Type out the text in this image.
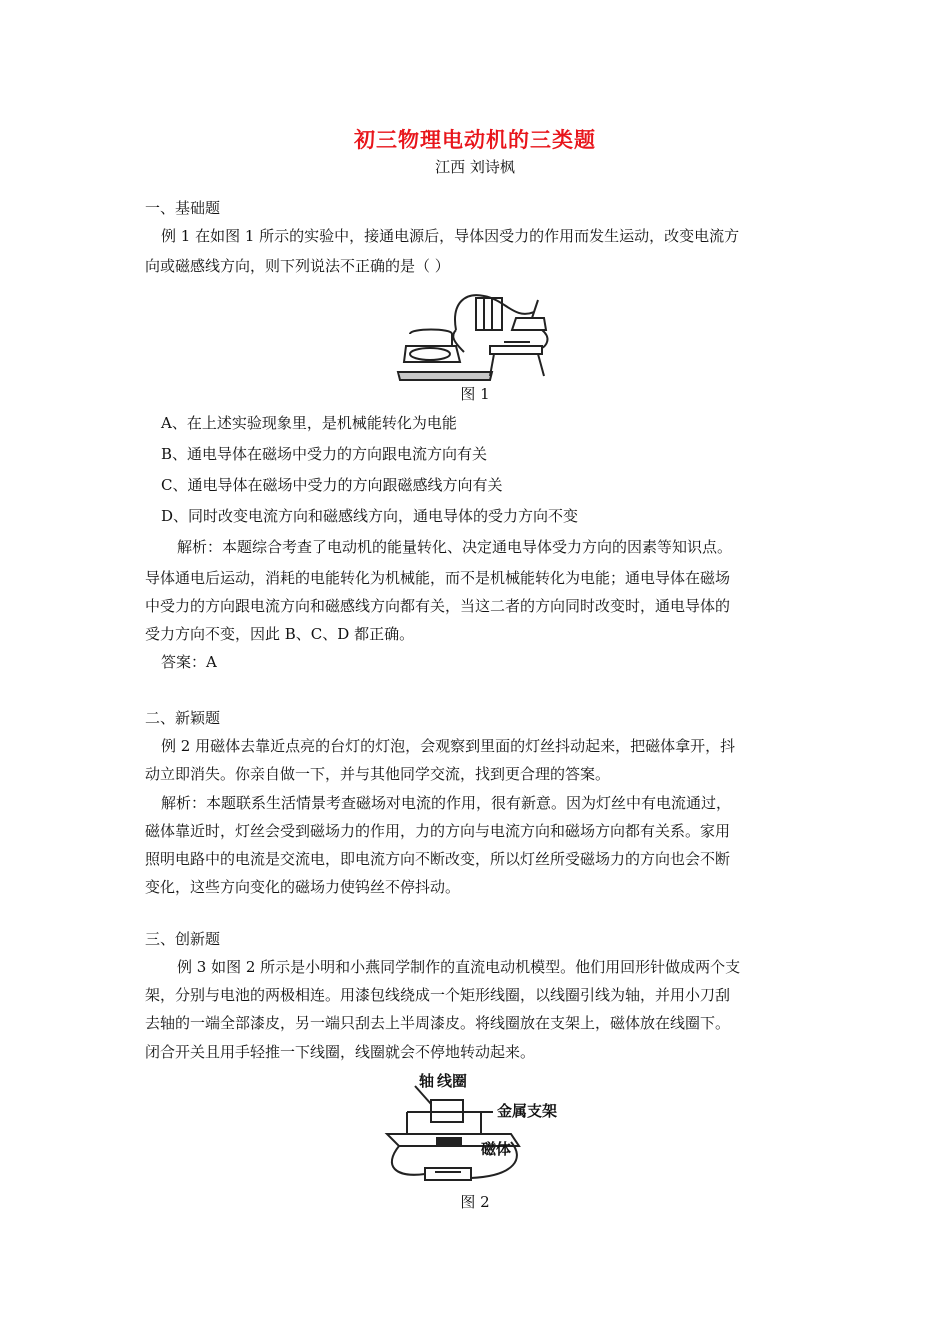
初三物理电动机的三类题
江西 刘诗枫
一、基础题
例 1 在如图 1 所示的实验中，接通电源后，导体因受力的作用而发生运动，改变电流方
向或磁感线方向，则下列说法不正确的是（ ）
图 1
A、在上述实验现象里，是机械能转化为电能
B、通电导体在磁场中受力的方向跟电流方向有关
C、通电导体在磁场中受力的方向跟磁感线方向有关
D、同时改变电流方向和磁感线方向，通电导体的受力方向不变
解析：本题综合考查了电动机的能量转化、决定通电导体受力方向的因素等知识点。
导体通电后运动，消耗的电能转化为机械能，而不是机械能转化为电能；通电导体在磁场
中受力的方向跟电流方向和磁感线方向都有关，当这二者的方向同时改变时，通电导体的
受力方向不变，因此 B、C、D 都正确。
答案：A
二、新颖题
例 2 用磁体去靠近点亮的台灯的灯泡，会观察到里面的灯丝抖动起来，把磁体拿开，抖
动立即消失。你亲自做一下，并与其他同学交流，找到更合理的答案。
解析：本题联系生活情景考查磁场对电流的作用，很有新意。因为灯丝中有电流通过，
磁体靠近时，灯丝会受到磁场力的作用，力的方向与电流方向和磁场方向都有关系。家用
照明电路中的电流是交流电，即电流方向不断改变，所以灯丝所受磁场力的方向也会不断
变化，这些方向变化的磁场力使钨丝不停抖动。
三、创新题
例 3 如图 2 所示是小明和小燕同学制作的直流电动机模型。他们用回形针做成两个支
架，分别与电池的两极相连。用漆包线绕成一个矩形线圈，以线圈引线为轴，并用小刀刮
去轴的一端全部漆皮，另一端只刮去上半周漆皮。将线圈放在支架上，磁体放在线圈下。
闭合开关且用手轻推一下线圈，线圈就会不停地转动起来。
轴 线圈
金属支架
磁体
图 2
